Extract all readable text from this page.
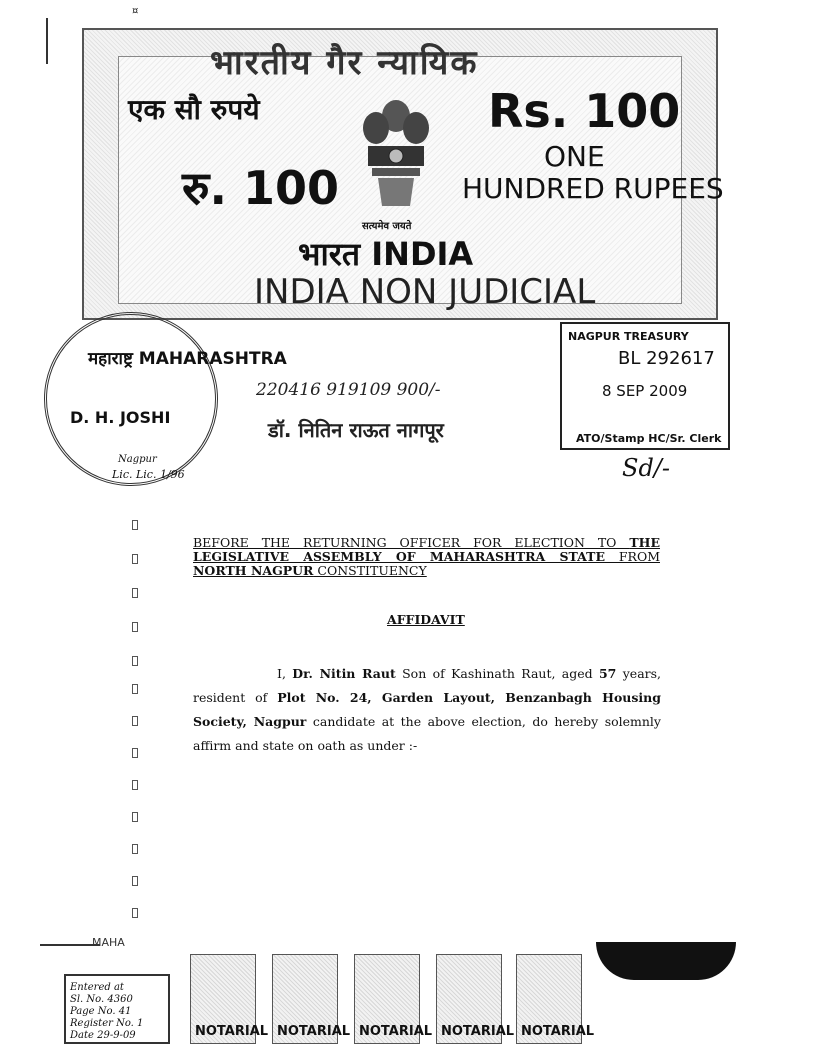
¤
भारतीय गैर न्यायिक
एक सौ रुपये	Rs. 100
ONE
HUNDRED RUPEES
रु. 100
सत्यमेव जयते
भारत INDIA
INDIA NON JUDICIAL
D. H. JOSHI
Nagpur
Lic. Lic. 1/96
महाराष्ट्र MAHARASHTRA
220416 919109 900/-
डॉ. नितिन राऊत नागपूर
NAGPUR TREASURY
BL 292617
8 SEP 2009
ATO/Stamp HC/Sr. Clerk
Sd/-
BEFORE THE RETURNING OFFICER FOR ELECTION TO THE LEGISLATIVE ASSEMBLY OF MAHARASHTRA STATE FROM NORTH NAGPUR CONSTITUENCY
AFFIDAVIT

I, Dr. Nitin Raut Son of Kashinath Raut, aged 57 years, resident of Plot No. 24, Garden Layout, Benzanbagh Housing Society, Nagpur candidate at the above election, do hereby solemnly affirm and state on oath as under :-

MAHA
Entered at
Sl. No. 4360
Page No. 41
Register No. 1
Date 29-9-09	NOTARIAL NOTARIAL NOTARIAL NOTARIAL NOTARIAL
